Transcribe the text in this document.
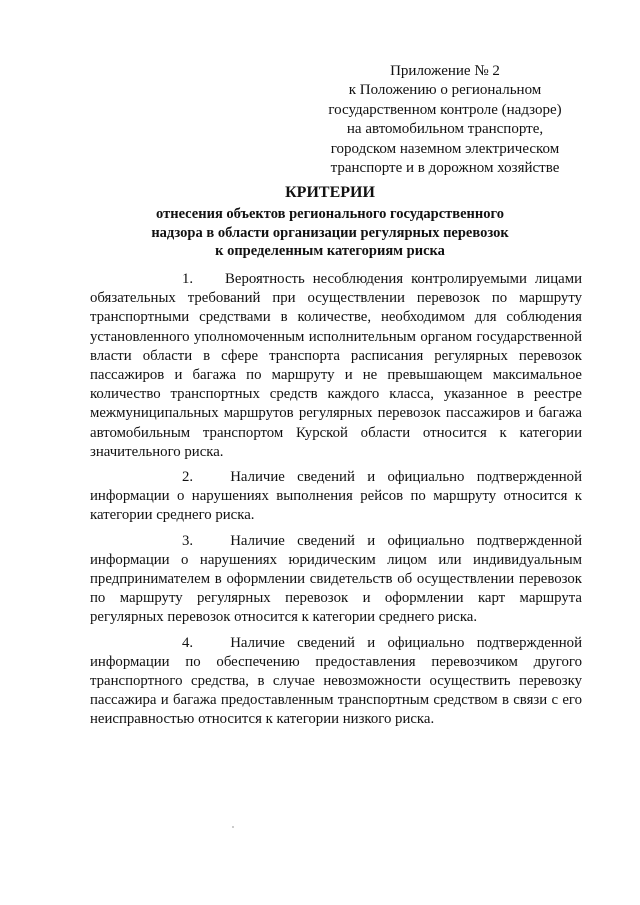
Приложение № 2
к Положению о региональном
государственном контроле (надзоре)
на автомобильном транспорте,
городском наземном электрическом
транспорте и в дорожном хозяйстве
КРИТЕРИИ
отнесения объектов регионального государственного
надзора в области организации регулярных перевозок
к определенным категориям риска

1. Вероятность несоблюдения контролируемыми лицами обязательных требований при осуществлении перевозок по маршруту транспортными средствами в количестве, необходимом для соблюдения установленного уполномоченным исполнительным органом государственной власти области в сфере транспорта расписания регулярных перевозок пассажиров и багажа по маршруту и не превышающем максимальное количество транспортных средств каждого класса, указанное в реестре межмуниципальных маршрутов регулярных перевозок пассажиров и багажа автомобильным транспортом Курской области относится к категории значительного риска.

2.	Наличие сведений и официально подтвержденной информации о нарушениях выполнения рейсов по маршруту относится к категории среднего риска.

3.	Наличие сведений и официально подтвержденной информации о нарушениях юридическим лицом или индивидуальным предпринимателем в оформлении свидетельств об осуществлении перевозок по маршруту регулярных перевозок и оформлении карт маршрута регулярных перевозок относится к категории среднего риска.

4.	Наличие сведений и официально подтвержденной информации по обеспечению предоставления перевозчиком другого транспортного средства, в случае невозможности осуществить перевозку пассажира и багажа предоставленным транспортным средством в связи с его неисправностью относится к категории низкого риска.
